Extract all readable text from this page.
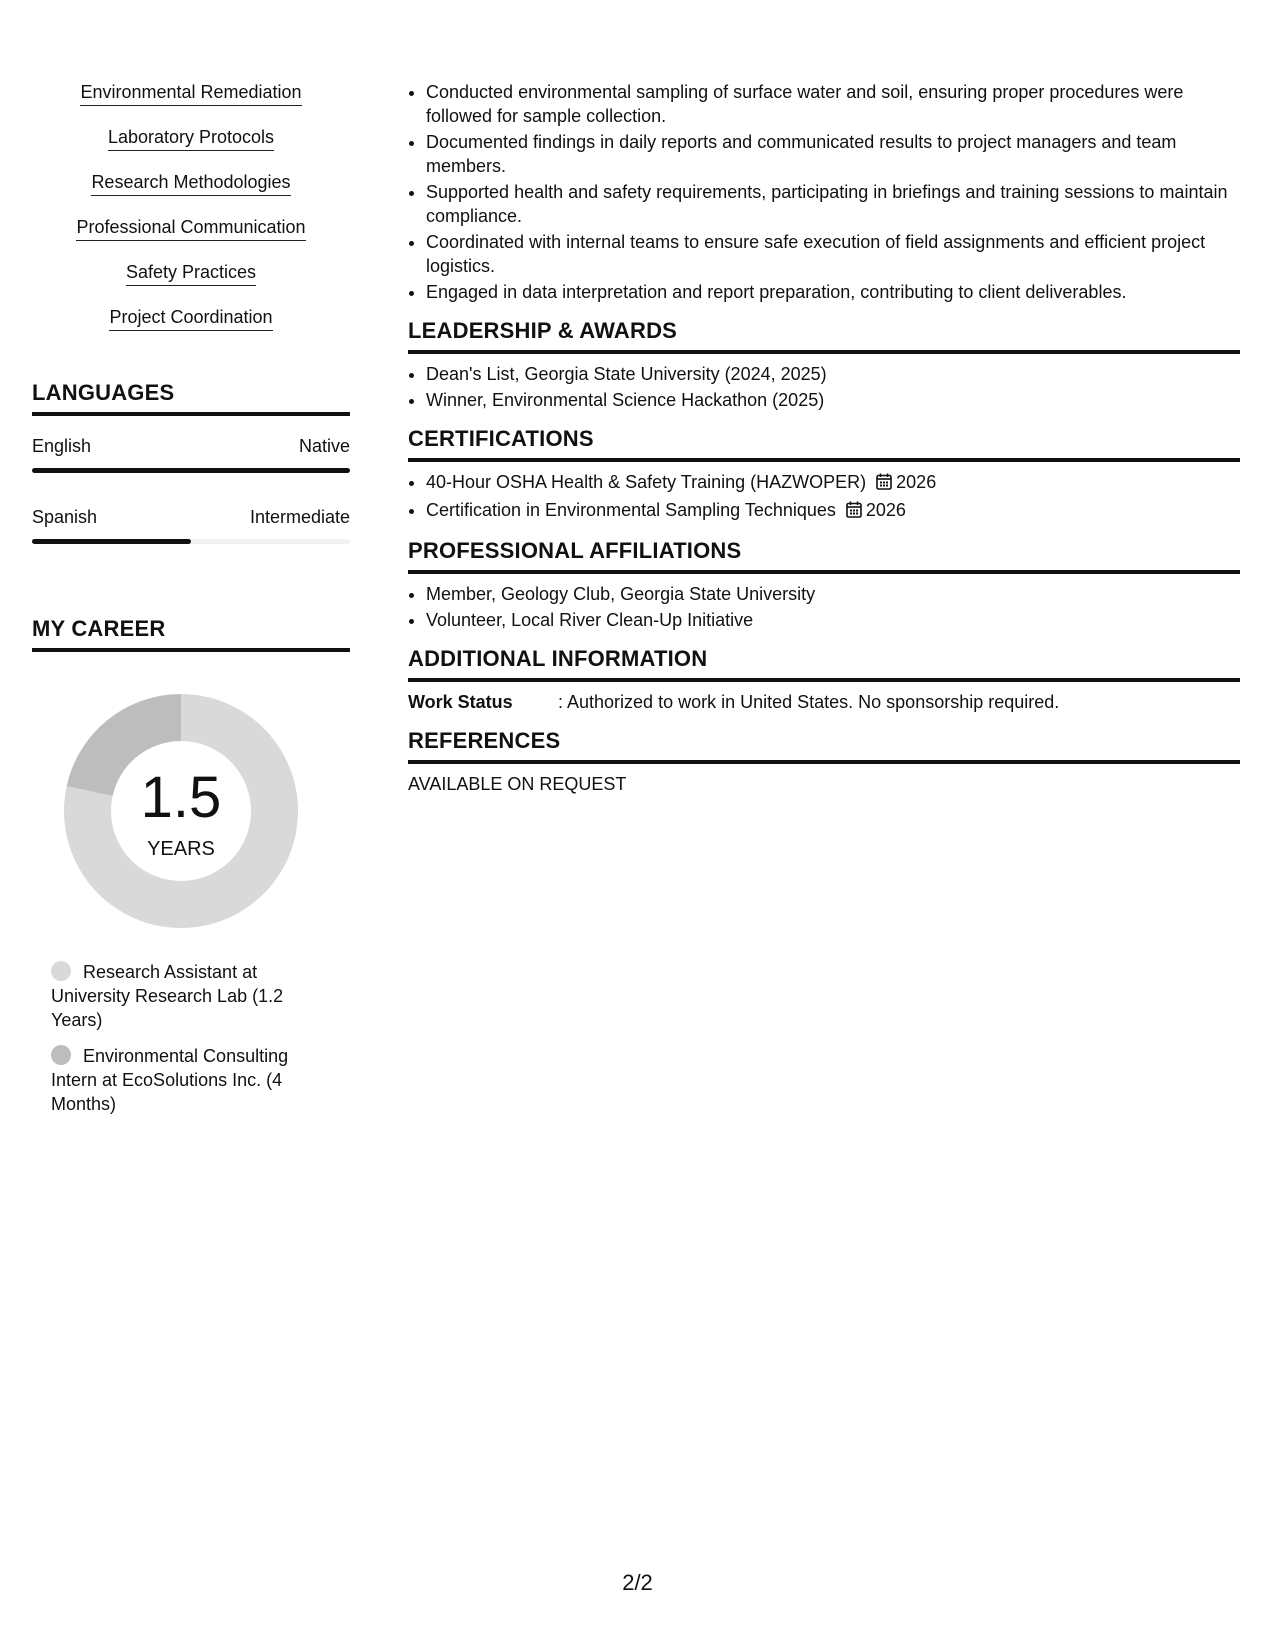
Environmental Remediation
Laboratory Protocols
Research Methodologies
Professional Communication
Safety Practices
Project Coordination
LANGUAGES
English	Native
Spanish	Intermediate
MY CAREER
1.5
YEARS
Research Assistant at University Research Lab (1.2 Years)
Environmental Consulting Intern at EcoSolutions Inc. (4 Months)
• Conducted environmental sampling of surface water and soil, ensuring proper procedures were followed for sample collection.
• Documented findings in daily reports and communicated results to project managers and team members.
• Supported health and safety requirements, participating in briefings and training sessions to maintain compliance.
• Coordinated with internal teams to ensure safe execution of field assignments and efficient project logistics.
• Engaged in data interpretation and report preparation, contributing to client deliverables.
LEADERSHIP & AWARDS
• Dean's List, Georgia State University (2024, 2025)
• Winner, Environmental Science Hackathon (2025)
CERTIFICATIONS
• 40-Hour OSHA Health & Safety Training (HAZWOPER) 2026
• Certification in Environmental Sampling Techniques 2026
PROFESSIONAL AFFILIATIONS
• Member, Geology Club, Georgia State University
• Volunteer, Local River Clean-Up Initiative
ADDITIONAL INFORMATION
Work Status	: Authorized to work in United States. No sponsorship required.
REFERENCES
AVAILABLE ON REQUEST
2/2
